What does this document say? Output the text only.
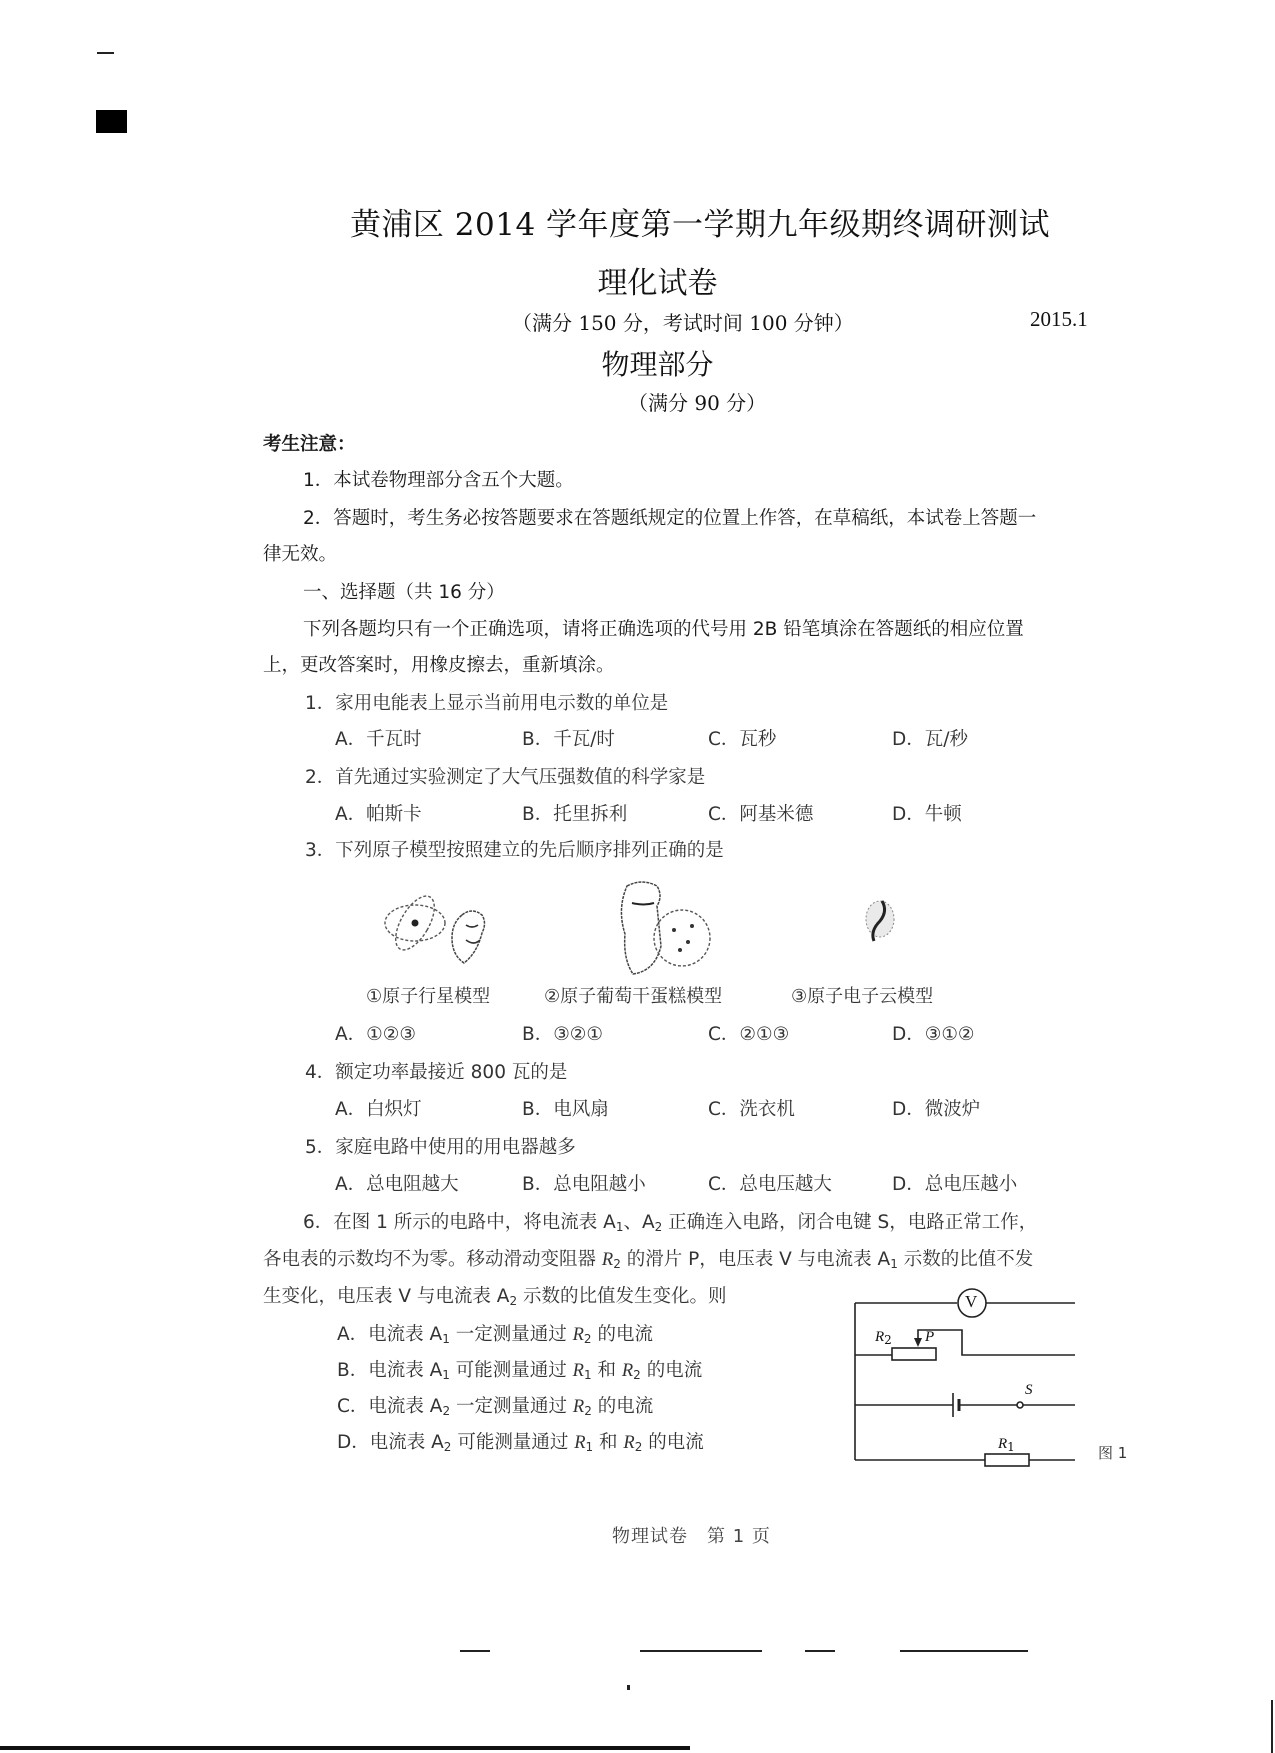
黄浦区 2014 学年度第一学期九年级期终调研测试
理化试卷
（满分 150 分，考试时间 100 分钟）	2015.1
物理部分
（满分 90 分）
考生注意：
1．本试卷物理部分含五个大题。
2．答题时，考生务必按答题要求在答题纸规定的位置上作答，在草稿纸，本试卷上答题一
律无效。
一、选择题（共 16 分）
下列各题均只有一个正确选项，请将正确选项的代号用 2B 铅笔填涂在答题纸的相应位置
上，更改答案时，用橡皮擦去，重新填涂。
1．家用电能表上显示当前用电示数的单位是
A．千瓦时	B．千瓦/时	C．瓦秒	D．瓦/秒
2．首先通过实验测定了大气压强数值的科学家是
A．帕斯卡	B．托里拆利	C．阿基米德	D．牛顿
3．下列原子模型按照建立的先后顺序排列正确的是
①原子行星模型	②原子葡萄干蛋糕模型	③原子电子云模型
A．①②③	B．③②①	C．②①③	D．③①②
4．额定功率最接近 800 瓦的是
A．白炽灯	B．电风扇	C．洗衣机	D．微波炉
5．家庭电路中使用的用电器越多
A．总电阻越大	B．总电阻越小	C．总电压越大	D．总电压越小
6．在图 1 所示的电路中，将电流表 $A_1$、$A_2$ 正确连入电路，闭合电键 S，电路正常工作，
各电表的示数均不为零。移动滑动变阻器 $R_2$ 的滑片 P，电压表 V 与电流表 $A_1$ 示数的比值不发
生变化，电压表 V 与电流表 $A_2$ 示数的比值发生变化。则
A．电流表 $A_1$ 一定测量通过 $R_2$ 的电流
B．电流表 $A_1$ 可能测量通过 $R_1$ 和 $R_2$ 的电流
C．电流表 $A_2$ 一定测量通过 $R_2$ 的电流
D．电流表 $A_2$ 可能测量通过 $R_1$ 和 $R_2$ 的电流
V
$R_2$ P
S
$R_1$	图 1
物理试卷　第 1 页
